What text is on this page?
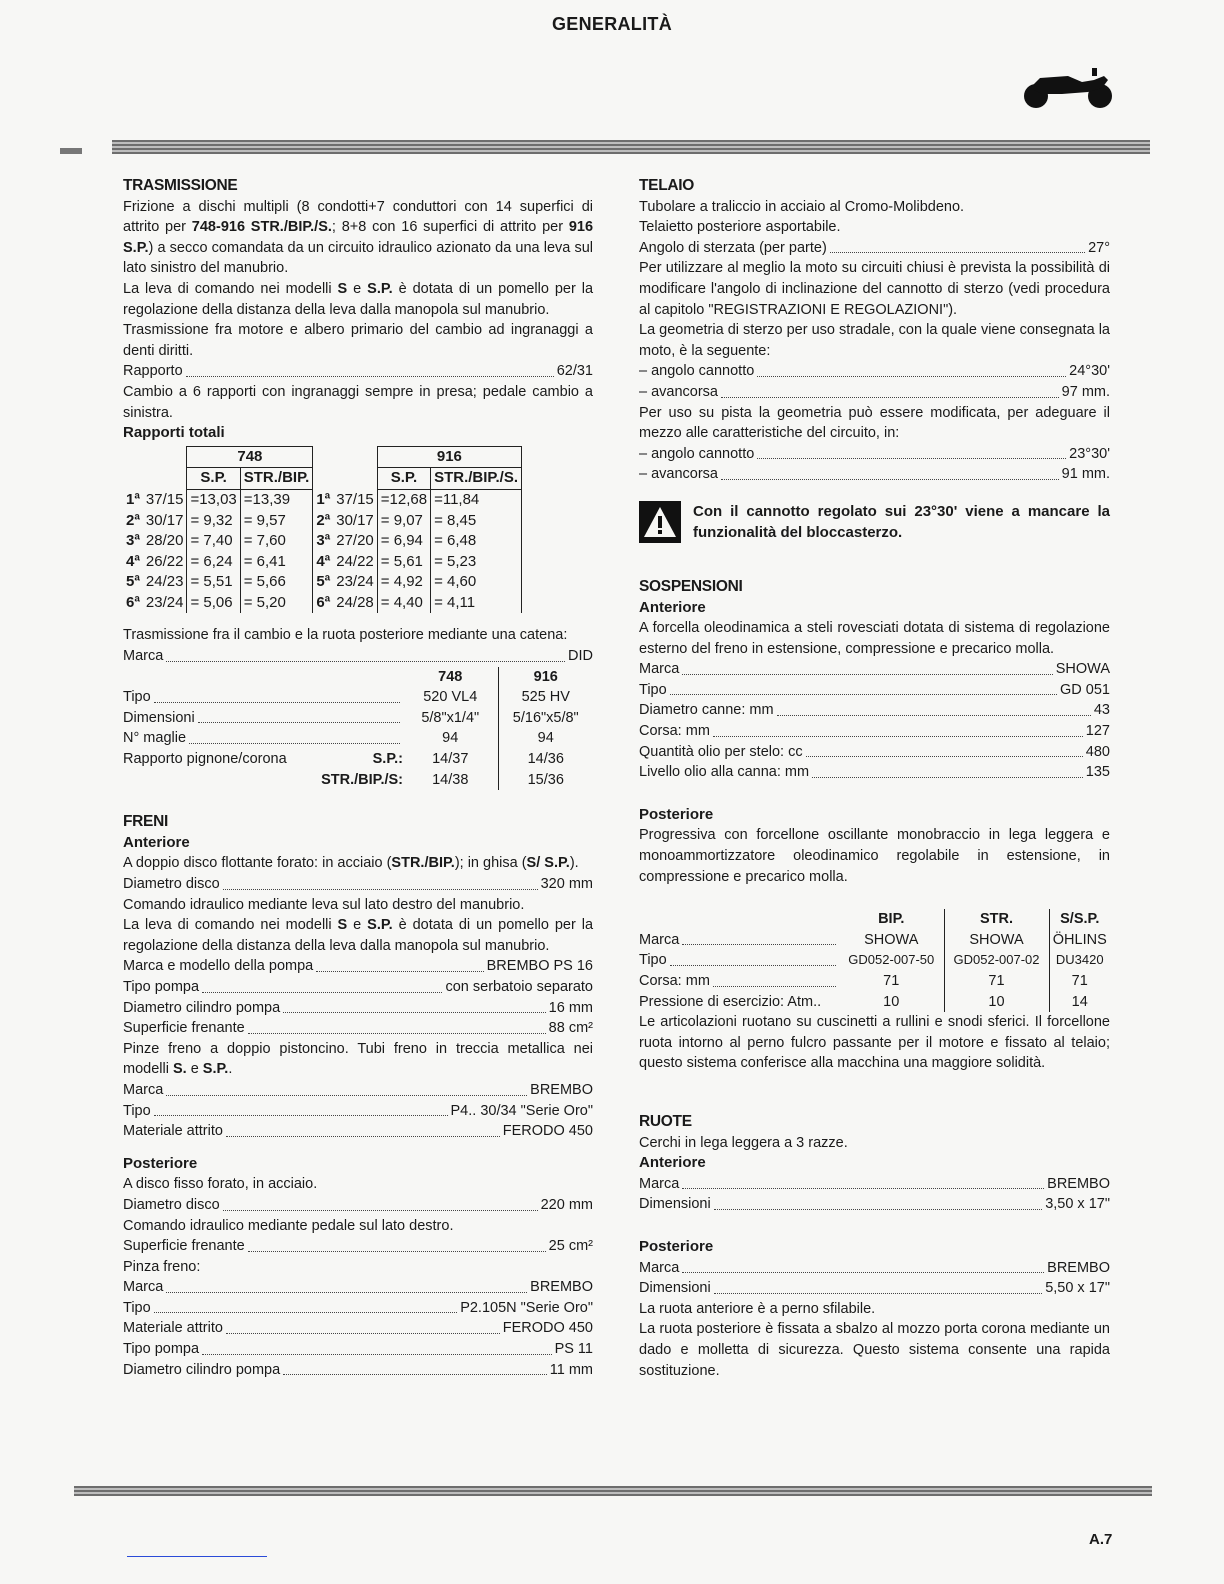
GENERALITÀ
TRASMISSIONE

Frizione a dischi multipli (8 condotti+7 conduttori con 14 superfici di attrito per 748-916 STR./BIP./S.; 8+8 con 16 superfici di attrito per 916 S.P.) a secco comandata da un circuito idraulico azionato da una leva sul lato sinistro del manubrio.

La leva di comando nei modelli S e S.P. è dotata di un pomello per la regolazione della distanza della leva dalla manopola sul manubrio.

Trasmissione fra motore e albero primario del cambio ad ingranaggi a denti diritti.

Rapporto	62/31

Cambio a 6 rapporti con ingranaggi sempre in presa; pedale cambio a sinistra.

Rapporti totali
		748				916	
		S.P.	STR./BIP.			S.P.	STR./BIP./S.
1ª	37/15	=13,03	=13,39	1ª	37/15	=12,68	=11,84
2ª	30/17	= 9,32	= 9,57	2ª	30/17	= 9,07	= 8,45
3ª	28/20	= 7,40	= 7,60	3ª	27/20	= 6,94	= 6,48
4ª	26/22	= 6,24	= 6,41	4ª	24/22	= 5,61	= 5,23
5ª	24/23	= 5,51	= 5,66	5ª	23/24	= 4,92	= 4,60
6ª	23/24	= 5,06	= 5,20	6ª	24/28	= 4,40	= 4,11

Trasmissione fra il cambio e la ruota posteriore mediante una catena:

Marca	DID
	748	916

Tipo	520 VL4	525 HV

Dimensioni	5/8"x1/4"	5/16"x5/8"

N° maglie	94	94

Rapporto pignone/corona S.P.:	14/37	14/36
STR./BIP./S:	14/38	15/36
FRENI
Anteriore

A doppio disco flottante forato: in acciaio (STR./BIP.); in ghisa (S/ S.P.).

Diametro disco	320 mm

Comando idraulico mediante leva sul lato destro del manubrio.

La leva di comando nei modelli S e S.P. è dotata di un pomello per la regolazione della distanza della leva dalla manopola sul manubrio.

Marca e modello della pompa	BREMBO PS 16
Tipo pompa	con serbatoio separato
Diametro cilindro pompa	16 mm
Superficie frenante	88 cm²

Pinze freno a doppio pistoncino. Tubi freno in treccia metallica nei modelli S. e S.P..

Marca	BREMBO
Tipo	P4.. 30/34 "Serie Oro"
Materiale attrito	FERODO 450
Posteriore

A disco fisso forato, in acciaio.

Diametro disco	220 mm

Comando idraulico mediante pedale sul lato destro.

Superficie frenante	25 cm²

Pinza freno:

Marca	BREMBO
Tipo	P2.105N "Serie Oro"
Materiale attrito	FERODO 450
Tipo pompa	PS 11
Diametro cilindro pompa	11 mm
TELAIO

Tubolare a traliccio in acciaio al Cromo-Molibdeno.

Telaietto posteriore asportabile.

Angolo di sterzata (per parte)	27°

Per utilizzare al meglio la moto su circuiti chiusi è prevista la possibilità di modificare l'angolo di inclinazione del cannotto di sterzo (vedi procedura al capitolo "REGISTRAZIONI E REGOLAZIONI").

La geometria di sterzo per uso stradale, con la quale viene consegnata la moto, è la seguente:

– angolo cannotto	24°30'
– avancorsa	97 mm.

Per uso su pista la geometria può essere modificata, per adeguare il mezzo alle caratteristiche del circuito, in:

– angolo cannotto	23°30'
– avancorsa	91 mm.
Con il cannotto regolato sui 23°30' viene a mancare la funzionalità del bloccasterzo.
SOSPENSIONI
Anteriore

A forcella oleodinamica a steli rovesciati dotata di sistema di regolazione esterno del freno in estensione, compressione e precarico molla.

Marca	SHOWA
Tipo	GD 051
Diametro canne: mm	43
Corsa: mm	127
Quantità olio per stelo: cc	480
Livello olio alla canna: mm	135
Posteriore

Progressiva con forcellone oscillante monobraccio in lega leggera e monoammortizzatore oleodinamico regolabile in estensione, in compressione e precarico molla.

	BIP.	STR.	S/S.P.

Marca	SHOWA	SHOWA	ÖHLINS

Tipo	GD052-007-50	GD052-007-02	DU3420

Corsa: mm	71	71	71
Pressione di esercizio: Atm..	10	10	14

Le articolazioni ruotano su cuscinetti a rullini e snodi sferici. Il forcellone ruota intorno al perno fulcro passante per il motore e fissato al telaio; questo sistema conferisce alla macchina una maggiore solidità.

RUOTE

Cerchi in lega leggera a 3 razze.

Anteriore
Marca	BREMBO
Dimensioni	3,50 x 17"
Posteriore
Marca	BREMBO
Dimensioni	5,50 x 17"

La ruota anteriore è a perno sfilabile.

La ruota posteriore è fissata a sbalzo al mozzo porta corona mediante un dado e molletta di sicurezza. Questo sistema consente una rapida sostituzione.

A.7
